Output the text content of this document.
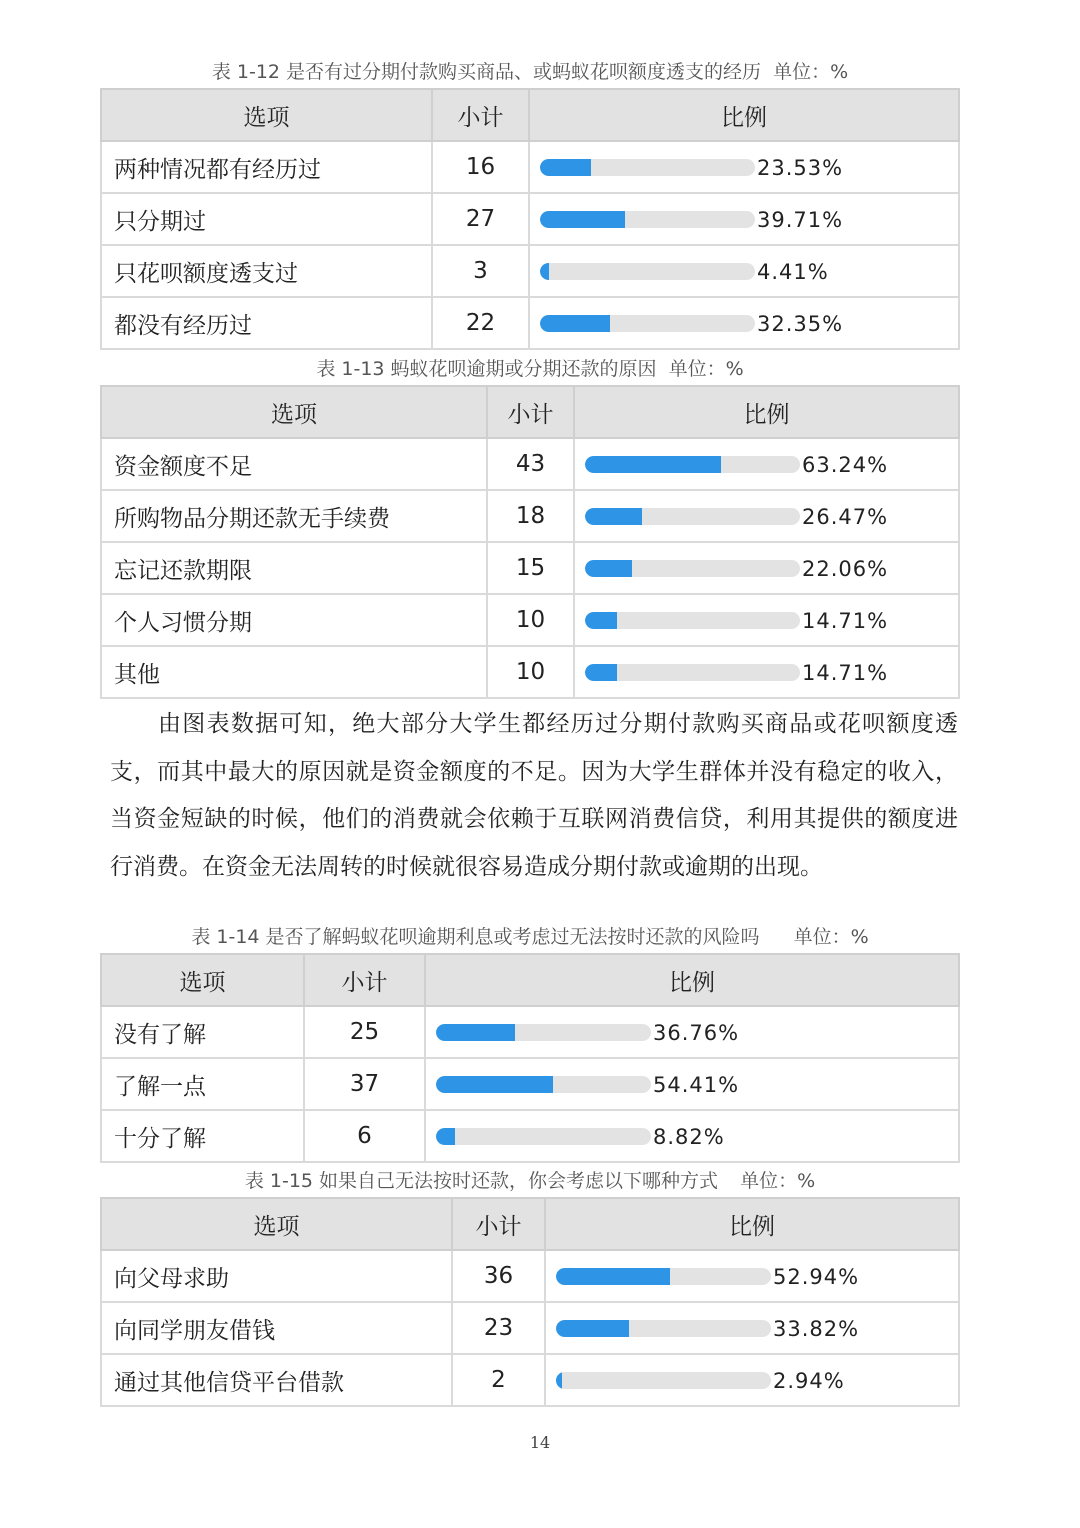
表 1-12 是否有过分期付款购买商品、或蚂蚁花呗额度透支的经历 单位：%
选项	小计	比例
两种情况都有经历过	16	23.53%
只分期过	27	39.71%
只花呗额度透支过	3	4.41%
都没有经历过	22	32.35%
表 1-13 蚂蚁花呗逾期或分期还款的原因 单位：%
选项	小计	比例
资金额度不足	43	63.24%
所购物品分期还款无手续费	18	26.47%
忘记还款期限	15	22.06%
个人习惯分期	10	14.71%
其他	10	14.71%

由图表数据可知，绝大部分大学生都经历过分期付款购买商品或花呗额度透支，而其中最大的原因就是资金额度的不足。因为大学生群体并没有稳定的收入，当资金短缺的时候，他们的消费就会依赖于互联网消费信贷，利用其提供的额度进行消费。在资金无法周转的时候就很容易造成分期付款或逾期的出现。

表 1-14 是否了解蚂蚁花呗逾期利息或考虑过无法按时还款的风险吗 单位：%
选项	小计	比例
没有了解	25	36.76%
了解一点	37	54.41%
十分了解	6	8.82%
表 1-15 如果自己无法按时还款，你会考虑以下哪种方式 单位：%
选项	小计	比例
向父母求助	36	52.94%
向同学朋友借钱	23	33.82%
通过其他信贷平台借款	2	2.94%
14
